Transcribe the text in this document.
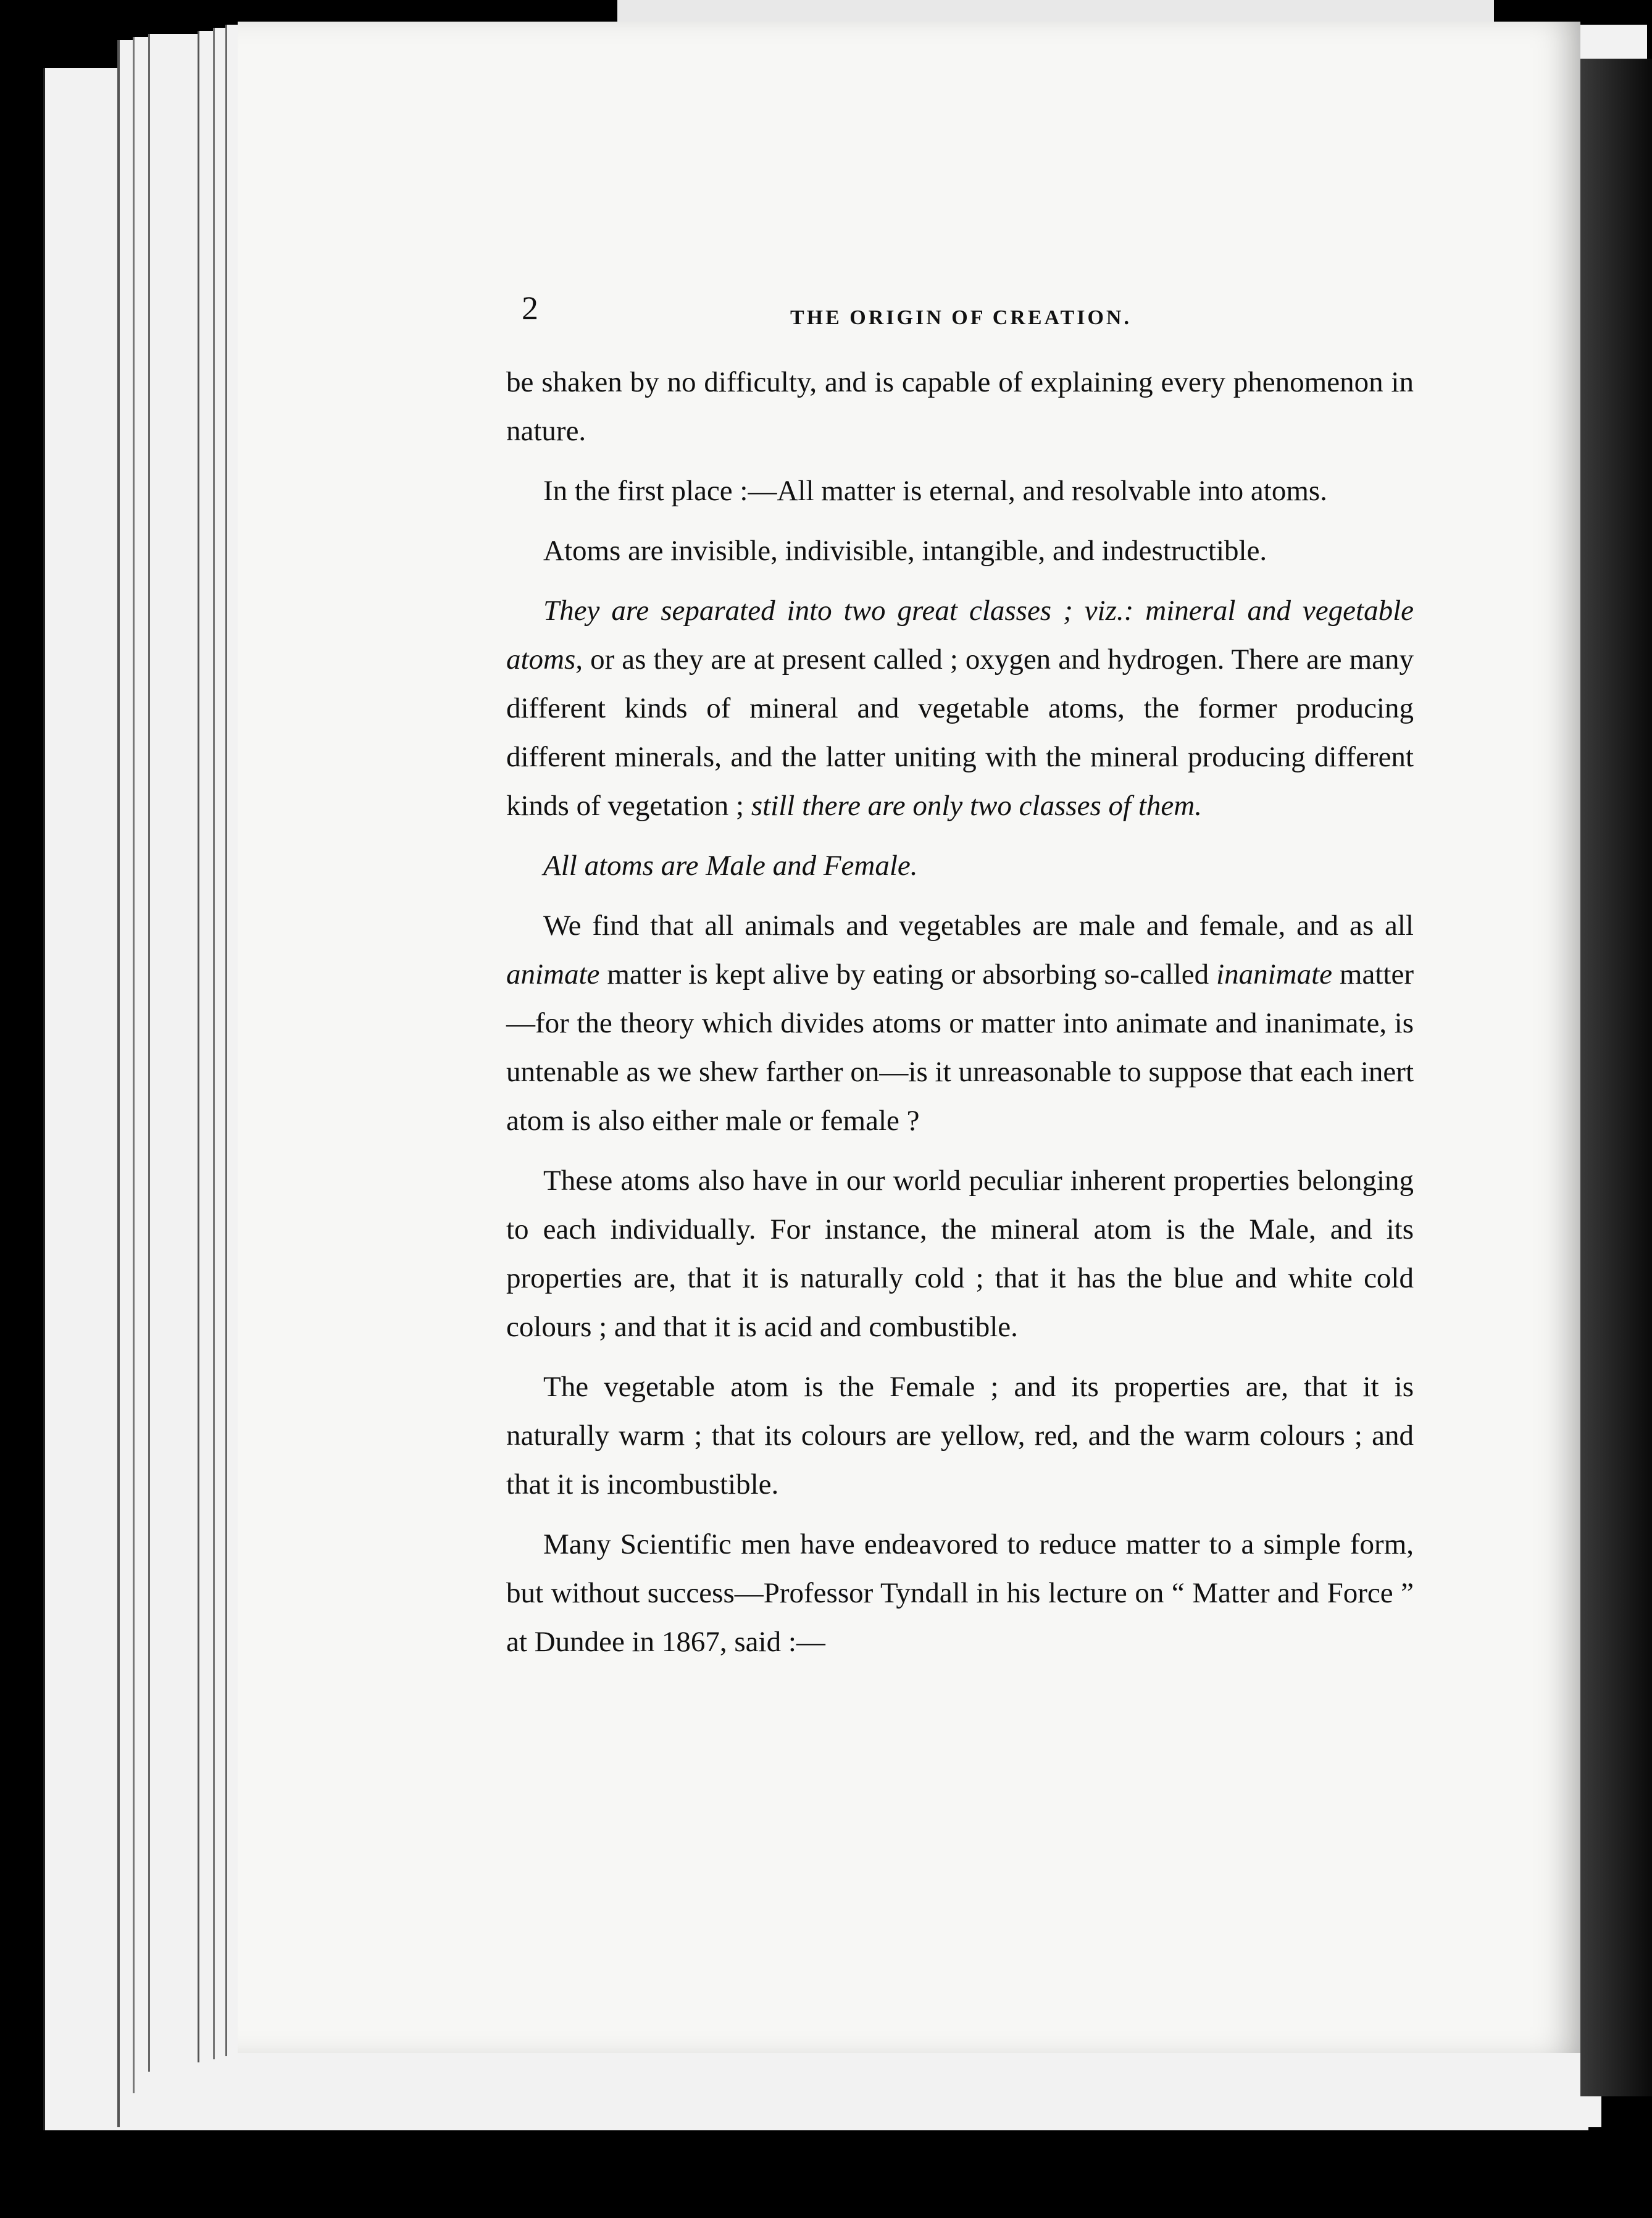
2	THE ORIGIN OF CREATION.

be shaken by no difficulty, and is capable of explaining every phenomenon in nature.

In the first place :—All matter is eternal, and resolvable into atoms.

Atoms are invisible, indivisible, intangible, and indestructible.

They are separated into two great classes ; viz.: mineral and vegetable atoms, or as they are at present called ; oxygen and hydrogen. There are many different kinds of mineral and vegetable atoms, the former producing different minerals, and the latter uniting with the mineral producing different kinds of vegetation ; still there are only two classes of them.

All atoms are Male and Female.

We find that all animals and vegetables are male and female, and as all animate matter is kept alive by eating or absorbing so-called inanimate matter—for the theory which divides atoms or matter into animate and inanimate, is untenable as we shew farther on—is it unreasonable to suppose that each inert atom is also either male or female ?

These atoms also have in our world peculiar inherent properties belonging to each individually. For instance, the mineral atom is the Male, and its properties are, that it is naturally cold ; that it has the blue and white cold colours ; and that it is acid and combustible.

The vegetable atom is the Female ; and its properties are, that it is naturally warm ; that its colours are yellow, red, and the warm colours ; and that it is incombustible.

Many Scientific men have endeavored to reduce matter to a simple form, but without success—Professor Tyndall in his lecture on “ Matter and Force ” at Dundee in 1867, said :—
